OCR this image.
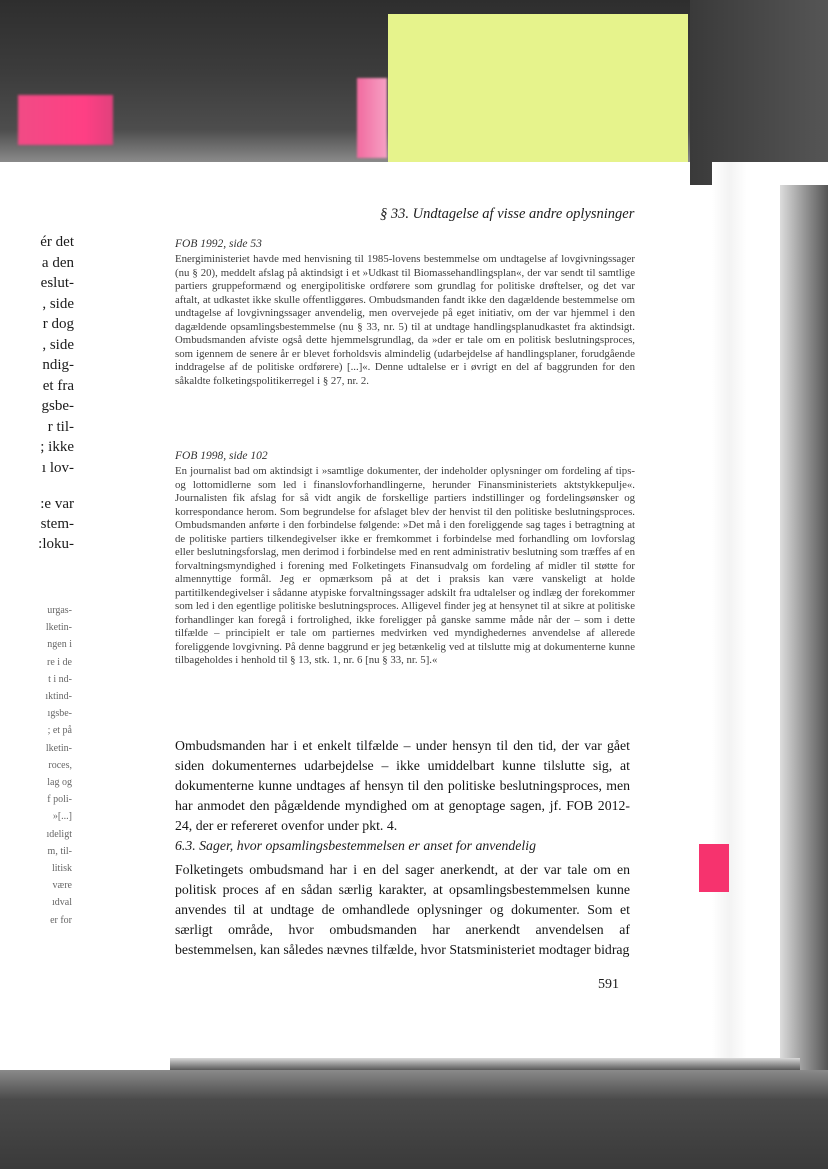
ér det
a den
eslut-
, side
r dog
, side
ndig-
et fra
gsbe-
r til-
; ikke
ı lov-
:e var
stem-
:loku-
urgas-
lketin-
ngen i
re i de
t i nd-
ıktind-
ıgsbe-
; et på
lketin-
roces,
lag og
f poli-
»[...]
ıdeligt
m, til-
litisk
være
ıdval
er for
§ 33. Undtagelse af visse andre oplysninger
FOB 1992, side 53
Energiministeriet havde med henvisning til 1985-lovens bestemmelse om undtagelse af lovgivningssager (nu § 20), meddelt afslag på aktindsigt i et »Udkast til Biomassehandlingsplan«, der var sendt til samtlige partiers gruppeformænd og energipolitiske ordførere som grundlag for politiske drøftelser, og det var aftalt, at udkastet ikke skulle offentliggøres. Ombudsmanden fandt ikke den dagældende bestemmelse om undtagelse af lovgivningssager anvendelig, men overvejede på eget initiativ, om der var hjemmel i den dagældende opsamlingsbestemmelse (nu § 33, nr. 5) til at undtage handlingsplanudkastet fra aktindsigt. Ombudsmanden afviste også dette hjemmelsgrundlag, da »der er tale om en politisk beslutningsproces, som igennem de senere år er blevet forholdsvis almindelig (udarbejdelse af handlingsplaner, forudgående inddragelse af de politiske ordførere) [...]«. Denne udtalelse er i øvrigt en del af baggrunden for den såkaldte folketingspolitikerregel i § 27, nr. 2.
FOB 1998, side 102
En journalist bad om aktindsigt i »samtlige dokumenter, der indeholder oplysninger om fordeling af tips- og lottomidlerne som led i finanslovforhandlingerne, herunder Finansministeriets aktstykkepulje«. Journalisten fik afslag for så vidt angik de forskellige partiers indstillinger og fordelingsønsker og korrespondance herom. Som begrundelse for afslaget blev der henvist til den politiske beslutningsproces. Ombudsmanden anførte i den forbindelse følgende: »Det må i den foreliggende sag tages i betragtning at de politiske partiers tilkendegivelser ikke er fremkommet i forbindelse med forhandling om lovforslag eller beslutningsforslag, men derimod i forbindelse med en rent administrativ beslutning som træffes af en forvaltningsmyndighed i forening med Folketingets Finansudvalg om fordeling af midler til støtte for almennyttige formål. Jeg er opmærksom på at det i praksis kan være vanskeligt at holde partitilkendegivelser i sådanne atypiske forvaltningssager adskilt fra udtalelser og indlæg der forekommer som led i den egentlige politiske beslutningsproces. Alligevel finder jeg at hensynet til at sikre at politiske forhandlinger kan foregå i fortrolighed, ikke foreligger på ganske samme måde når der – som i dette tilfælde – principielt er tale om partiernes medvirken ved myndighedernes anvendelse af allerede foreliggende lovgivning. På denne baggrund er jeg betænkelig ved at tilslutte mig at dokumenterne kunne tilbageholdes i henhold til § 13, stk. 1, nr. 6 [nu § 33, nr. 5].«
Ombudsmanden har i et enkelt tilfælde – under hensyn til den tid, der var gået siden dokumenternes udarbejdelse – ikke umiddelbart kunne tilslutte sig, at dokumenterne kunne undtages af hensyn til den politiske beslutningsproces, men har anmodet den pågældende myndighed om at genoptage sagen, jf. FOB 2012-24, der er refereret ovenfor under pkt. 4.
6.3. Sager, hvor opsamlingsbestemmelsen er anset for anvendelig
Folketingets ombudsmand har i en del sager anerkendt, at der var tale om en politisk proces af en sådan særlig karakter, at opsamlingsbestemmelsen kunne anvendes til at undtage de omhandlede oplysninger og dokumenter. Som et særligt område, hvor ombudsmanden har anerkendt anvendelsen af bestemmelsen, kan således nævnes tilfælde, hvor Statsministeriet modtager bidrag
591
